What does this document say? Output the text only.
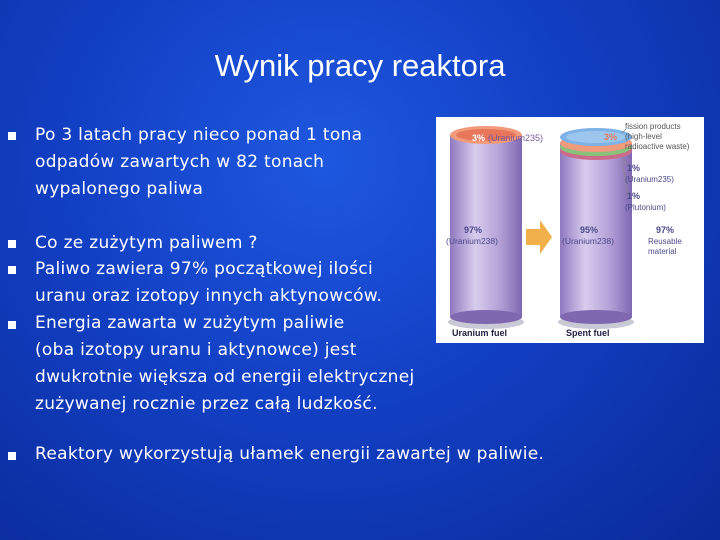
Wynik pracy reaktora
Po 3 latach pracy nieco ponad 1 tona
odpadów zawartych w 82 tonach
wypalonego paliwa
Co ze zużytym paliwem ?
Paliwo zawiera 97% początkowej ilości
uranu oraz izotopy innych aktynowców.
Energia zawarta w zużytym paliwie
(oba izotopy uranu i aktynowce) jest
dwukrotnie większa od energii elektrycznej
zużywanej rocznie przez całą ludzkość.
Reaktory wykorzystują ułamek energii zawartej w paliwie.
3% (Uranium235)
97%
(Uranium238)
Uranium fuel
3%
95%
(Uranium238)
Spent fuel
fission products
(high-level
radioactive waste)
1%
(Uranium235)
1%
(Plutonium)
97%
Reusable
material
